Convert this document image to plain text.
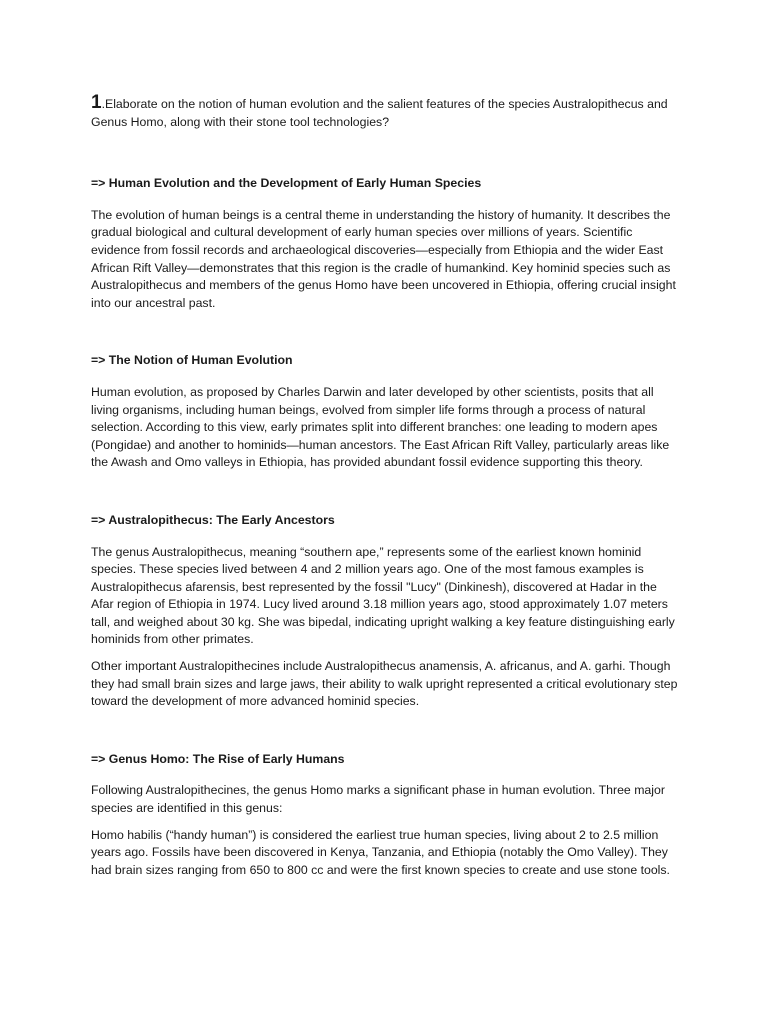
1.Elaborate on the notion of human evolution and the salient features of the species Australopithecus and Genus Homo, along with their stone tool technologies?
=> Human Evolution and the Development of Early Human Species

The evolution of human beings is a central theme in understanding the history of humanity. It describes the gradual biological and cultural development of early human species over millions of years. Scientific evidence from fossil records and archaeological discoveries—especially from Ethiopia and the wider East African Rift Valley—demonstrates that this region is the cradle of humankind. Key hominid species such as Australopithecus and members of the genus Homo have been uncovered in Ethiopia, offering crucial insight into our ancestral past.

=> The Notion of Human Evolution

Human evolution, as proposed by Charles Darwin and later developed by other scientists, posits that all living organisms, including human beings, evolved from simpler life forms through a process of natural selection. According to this view, early primates split into different branches: one leading to modern apes (Pongidae) and another to hominids—human ancestors. The East African Rift Valley, particularly areas like the Awash and Omo valleys in Ethiopia, has provided abundant fossil evidence supporting this theory.

=> Australopithecus: The Early Ancestors

The genus Australopithecus, meaning “southern ape,” represents some of the earliest known hominid species. These species lived between 4 and 2 million years ago. One of the most famous examples is Australopithecus afarensis, best represented by the fossil "Lucy" (Dinkinesh), discovered at Hadar in the Afar region of Ethiopia in 1974. Lucy lived around 3.18 million years ago, stood approximately 1.07 meters tall, and weighed about 30 kg. She was bipedal, indicating upright walking a key feature distinguishing early hominids from other primates.

Other important Australopithecines include Australopithecus anamensis, A. africanus, and A. garhi. Though they had small brain sizes and large jaws, their ability to walk upright represented a critical evolutionary step toward the development of more advanced hominid species.

=> Genus Homo: The Rise of Early Humans

Following Australopithecines, the genus Homo marks a significant phase in human evolution. Three major species are identified in this genus:

Homo habilis (“handy human”) is considered the earliest true human species, living about 2 to 2.5 million years ago. Fossils have been discovered in Kenya, Tanzania, and Ethiopia (notably the Omo Valley). They had brain sizes ranging from 650 to 800 cc and were the first known species to create and use stone tools.
